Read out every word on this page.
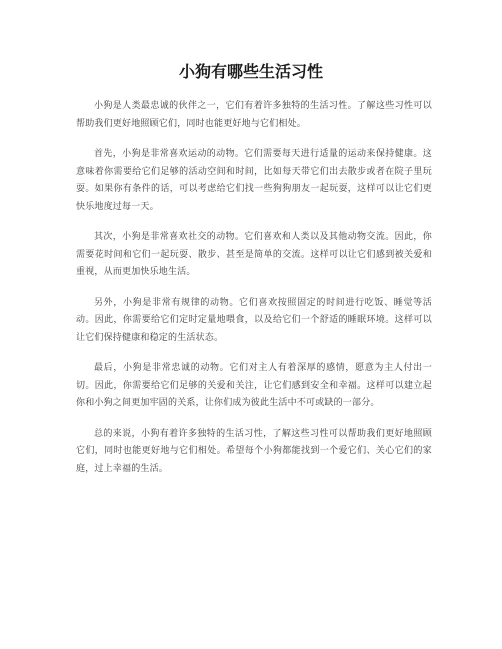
小狗有哪些生活习性

小狗是人类最忠诚的伙伴之一，它们有着许多独特的生活习性。了解这些习性可以帮助我们更好地照顾它们，同时也能更好地与它们相处。

首先，小狗是非常喜欢运动的动物。它们需要每天进行适量的运动来保持健康。这意味着你需要给它们足够的活动空间和时间，比如每天带它们出去散步或者在院子里玩耍。如果你有条件的话，可以考虑给它们找一些狗狗朋友一起玩耍，这样可以让它们更快乐地度过每一天。

其次，小狗是非常喜欢社交的动物。它们喜欢和人类以及其他动物交流。因此，你需要花时间和它们一起玩耍、散步、甚至是简单的交流。这样可以让它们感到被关爱和重视，从而更加快乐地生活。

另外，小狗是非常有规律的动物。它们喜欢按照固定的时间进行吃饭、睡觉等活动。因此，你需要给它们定时定量地喂食，以及给它们一个舒适的睡眠环境。这样可以让它们保持健康和稳定的生活状态。

最后，小狗是非常忠诚的动物。它们对主人有着深厚的感情，愿意为主人付出一切。因此，你需要给它们足够的关爱和关注，让它们感到安全和幸福。这样可以建立起你和小狗之间更加牢固的关系，让你们成为彼此生活中不可或缺的一部分。

总的来说，小狗有着许多独特的生活习性，了解这些习性可以帮助我们更好地照顾它们，同时也能更好地与它们相处。希望每个小狗都能找到一个爱它们、关心它们的家庭，过上幸福的生活。
